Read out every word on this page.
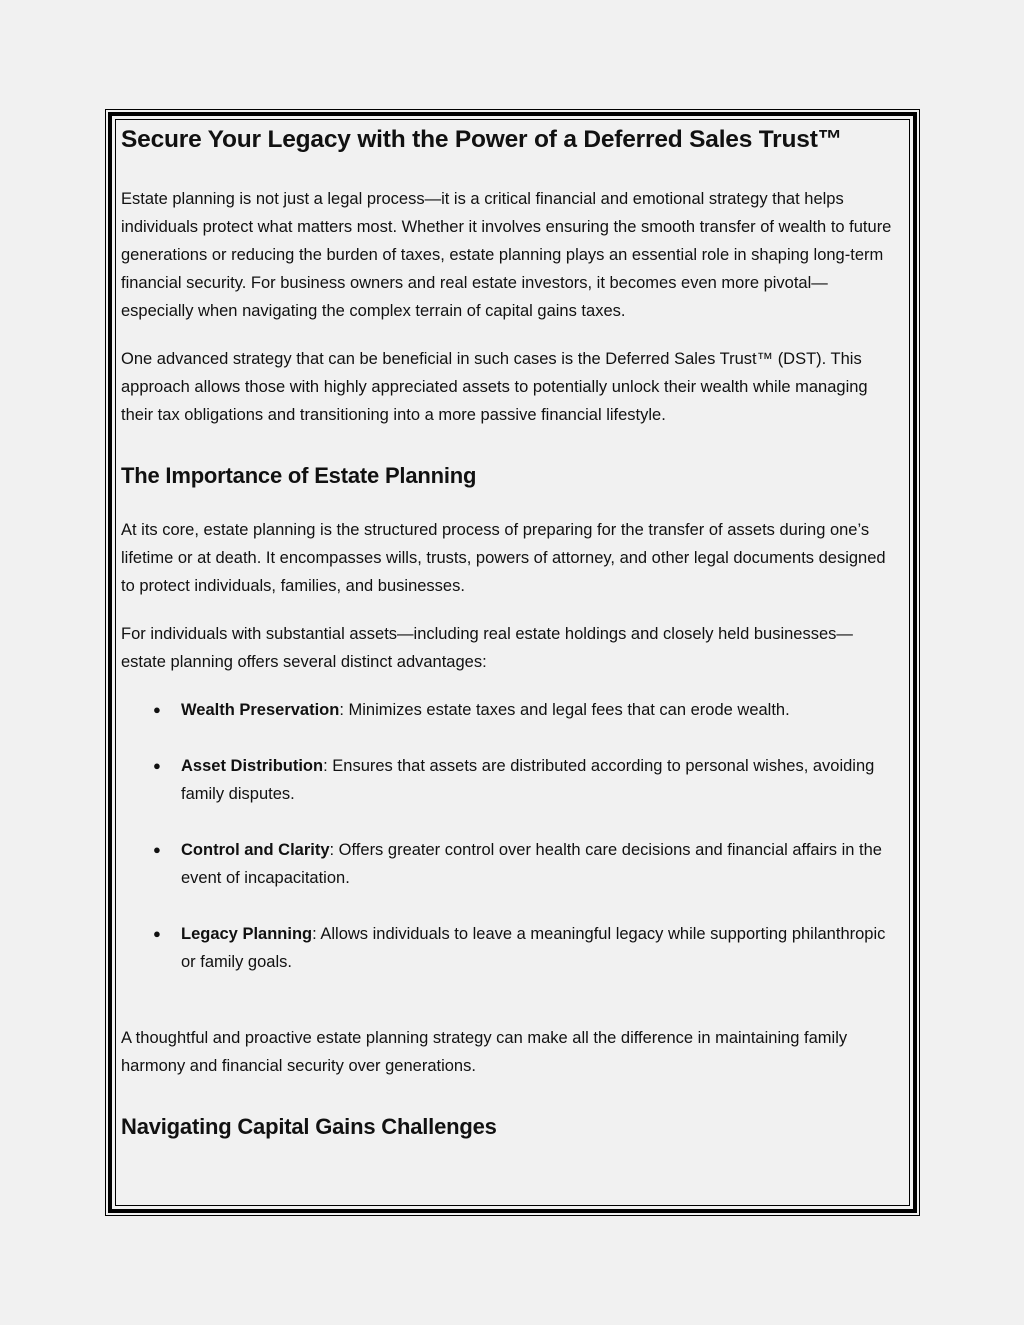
Secure Your Legacy with the Power of a Deferred Sales Trust™

Estate planning is not just a legal process—it is a critical financial and emotional strategy that helps individuals protect what matters most. Whether it involves ensuring the smooth transfer of wealth to future generations or reducing the burden of taxes, estate planning plays an essential role in shaping long-term financial security. For business owners and real estate investors, it becomes even more pivotal—especially when navigating the complex terrain of capital gains taxes.

One advanced strategy that can be beneficial in such cases is the Deferred Sales Trust™ (DST). This approach allows those with highly appreciated assets to potentially unlock their wealth while managing their tax obligations and transitioning into a more passive financial lifestyle.

The Importance of Estate Planning

At its core, estate planning is the structured process of preparing for the transfer of assets during one’s lifetime or at death. It encompasses wills, trusts, powers of attorney, and other legal documents designed to protect individuals, families, and businesses.

For individuals with substantial assets—including real estate holdings and closely held businesses—estate planning offers several distinct advantages:

● Wealth Preservation: Minimizes estate taxes and legal fees that can erode wealth.
● Asset Distribution: Ensures that assets are distributed according to personal wishes, avoiding family disputes.
● Control and Clarity: Offers greater control over health care decisions and financial affairs in the event of incapacitation.
● Legacy Planning: Allows individuals to leave a meaningful legacy while supporting philanthropic or family goals.

A thoughtful and proactive estate planning strategy can make all the difference in maintaining family harmony and financial security over generations.

Navigating Capital Gains Challenges
